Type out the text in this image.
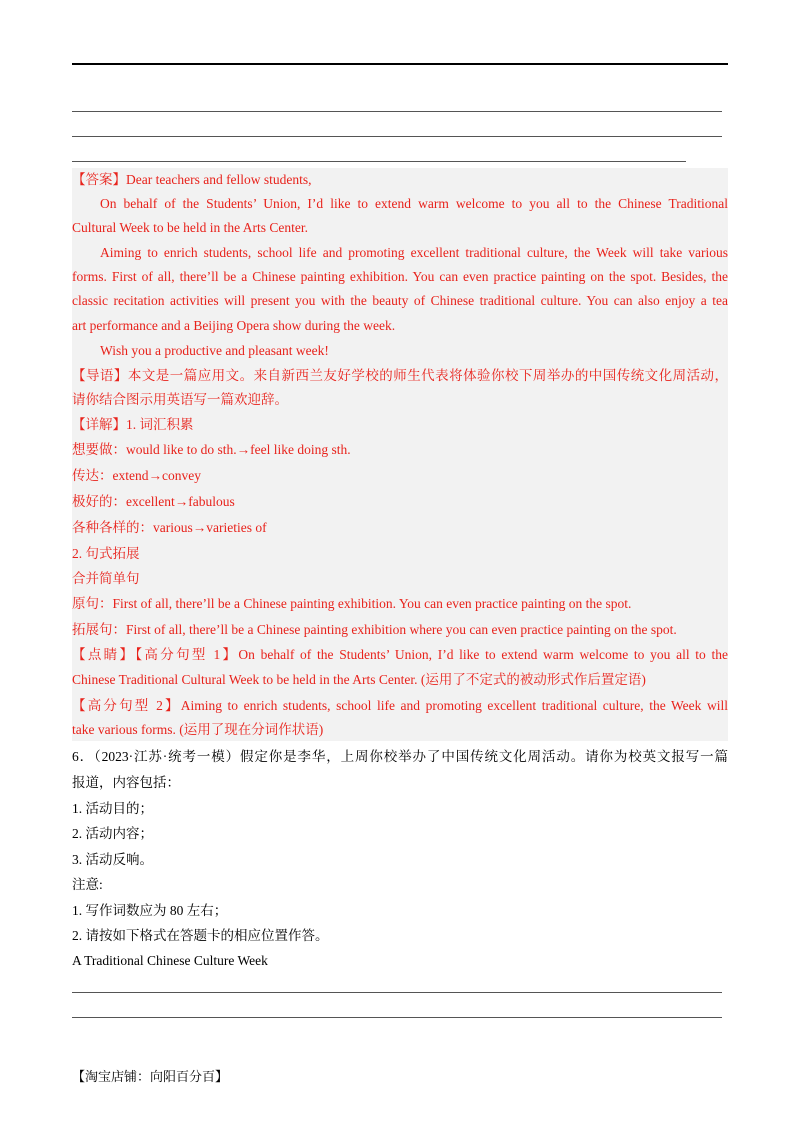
【答案】Dear teachers and fellow students,
On behalf of the Students’ Union, I’d like to extend warm welcome to you all to the Chinese Traditional
Cultural Week to be held in the Arts Center.
Aiming to enrich students, school life and promoting excellent traditional culture, the Week will take various
forms. First of all, there’ll be a Chinese painting exhibition. You can even practice painting on the spot. Besides, the
classic recitation activities will present you with the beauty of Chinese traditional culture. You can also enjoy a tea
art performance and a Beijing Opera show during the week.
Wish you a productive and pleasant week!
【导语】本文是一篇应用文。来自新西兰友好学校的师生代表将体验你校下周举办的中国传统文化周活动，
请你结合图示用英语写一篇欢迎辞。
【详解】1. 词汇积累
想要做：would like to do sth.→feel like doing sth.
传达：extend→convey
极好的：excellent→fabulous
各种各样的：various→varieties of
2. 句式拓展
合并简单句
原句：First of all, there’ll be a Chinese painting exhibition. You can even practice painting on the spot.
拓展句：First of all, there’ll be a Chinese painting exhibition where you can even practice painting on the spot.
【点睛】【高分句型 1】On behalf of the Students’ Union, I’d like to extend warm welcome to you all to the
Chinese Traditional Cultural Week to be held in the Arts Center. (运用了不定式的被动形式作后置定语)
【高分句型 2】Aiming to enrich students, school life and promoting excellent traditional culture, the Week will
take various forms. (运用了现在分词作状语)
6．（2023·江苏·统考一模）假定你是李华，上周你校举办了中国传统文化周活动。请你为校英文报写一篇
报道，内容包括：
1. 活动目的；
2. 活动内容；
3. 活动反响。
注意:
1. 写作词数应为 80 左右；
2. 请按如下格式在答题卡的相应位置作答。
A Traditional Chinese Culture Week
【淘宝店铺：向阳百分百】
